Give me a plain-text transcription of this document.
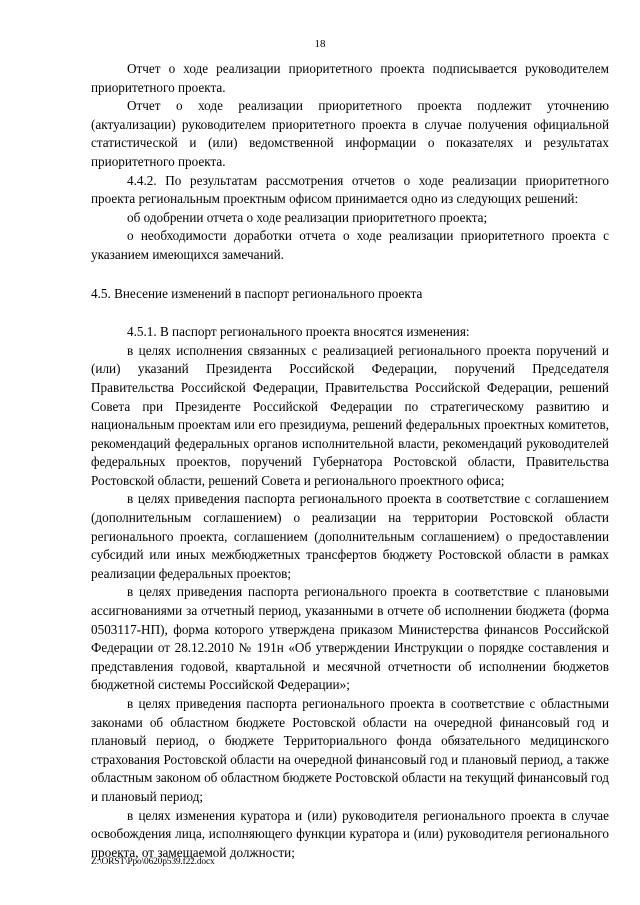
18

Отчет о ходе реализации приоритетного проекта подписывается руководителем приоритетного проекта.

Отчет о ходе реализации приоритетного проекта подлежит уточнению (актуализации) руководителем приоритетного проекта в случае получения официальной статистической и (или) ведомственной информации о показателях и результатах приоритетного проекта.

4.4.2. По результатам рассмотрения отчетов о ходе реализации приоритетного проекта региональным проектным офисом принимается одно из следующих решений:

об одобрении отчета о ходе реализации приоритетного проекта;

о необходимости доработки отчета о ходе реализации приоритетного проекта с указанием имеющихся замечаний.

4.5. Внесение изменений в паспорт регионального проекта

4.5.1. В паспорт регионального проекта вносятся изменения:

в целях исполнения связанных с реализацией регионального проекта поручений и (или) указаний Президента Российской Федерации, поручений Председателя Правительства Российской Федерации, Правительства Российской Федерации, решений Совета при Президенте Российской Федерации по стратегическому развитию и национальным проектам или его президиума, решений федеральных проектных комитетов, рекомендаций федеральных органов исполнительной власти, рекомендаций руководителей федеральных проектов, поручений Губернатора Ростовской области, Правительства Ростовской области, решений Совета и регионального проектного офиса;

в целях приведения паспорта регионального проекта в соответствие с соглашением (дополнительным соглашением) о реализации на территории Ростовской области регионального проекта, соглашением (дополнительным соглашением) о предоставлении субсидий или иных межбюджетных трансфертов бюджету Ростовской области в рамках реализации федеральных проектов;

в целях приведения паспорта регионального проекта в соответствие с плановыми ассигнованиями за отчетный период, указанными в отчете об исполнении бюджета (форма 0503117-НП), форма которого утверждена приказом Министерства финансов Российской Федерации от 28.12.2010 № 191н «Об утверждении Инструкции о порядке составления и представления годовой, квартальной и месячной отчетности об исполнении бюджетов бюджетной системы Российской Федерации»;

в целях приведения паспорта регионального проекта в соответствие с областными законами об областном бюджете Ростовской области на очередной финансовый год и плановый период, о бюджете Территориального фонда обязательного медицинского страхования Ростовской области на очередной финансовый год и плановый период, а также областным законом об областном бюджете Ростовской области на текущий финансовый год и плановый период;

в целях изменения куратора и (или) руководителя регионального проекта в случае освобождения лица, исполняющего функции куратора и (или) руководителя регионального проекта, от замещаемой должности;

Z:\ORST\Ppo\0620p539.f22.docx
